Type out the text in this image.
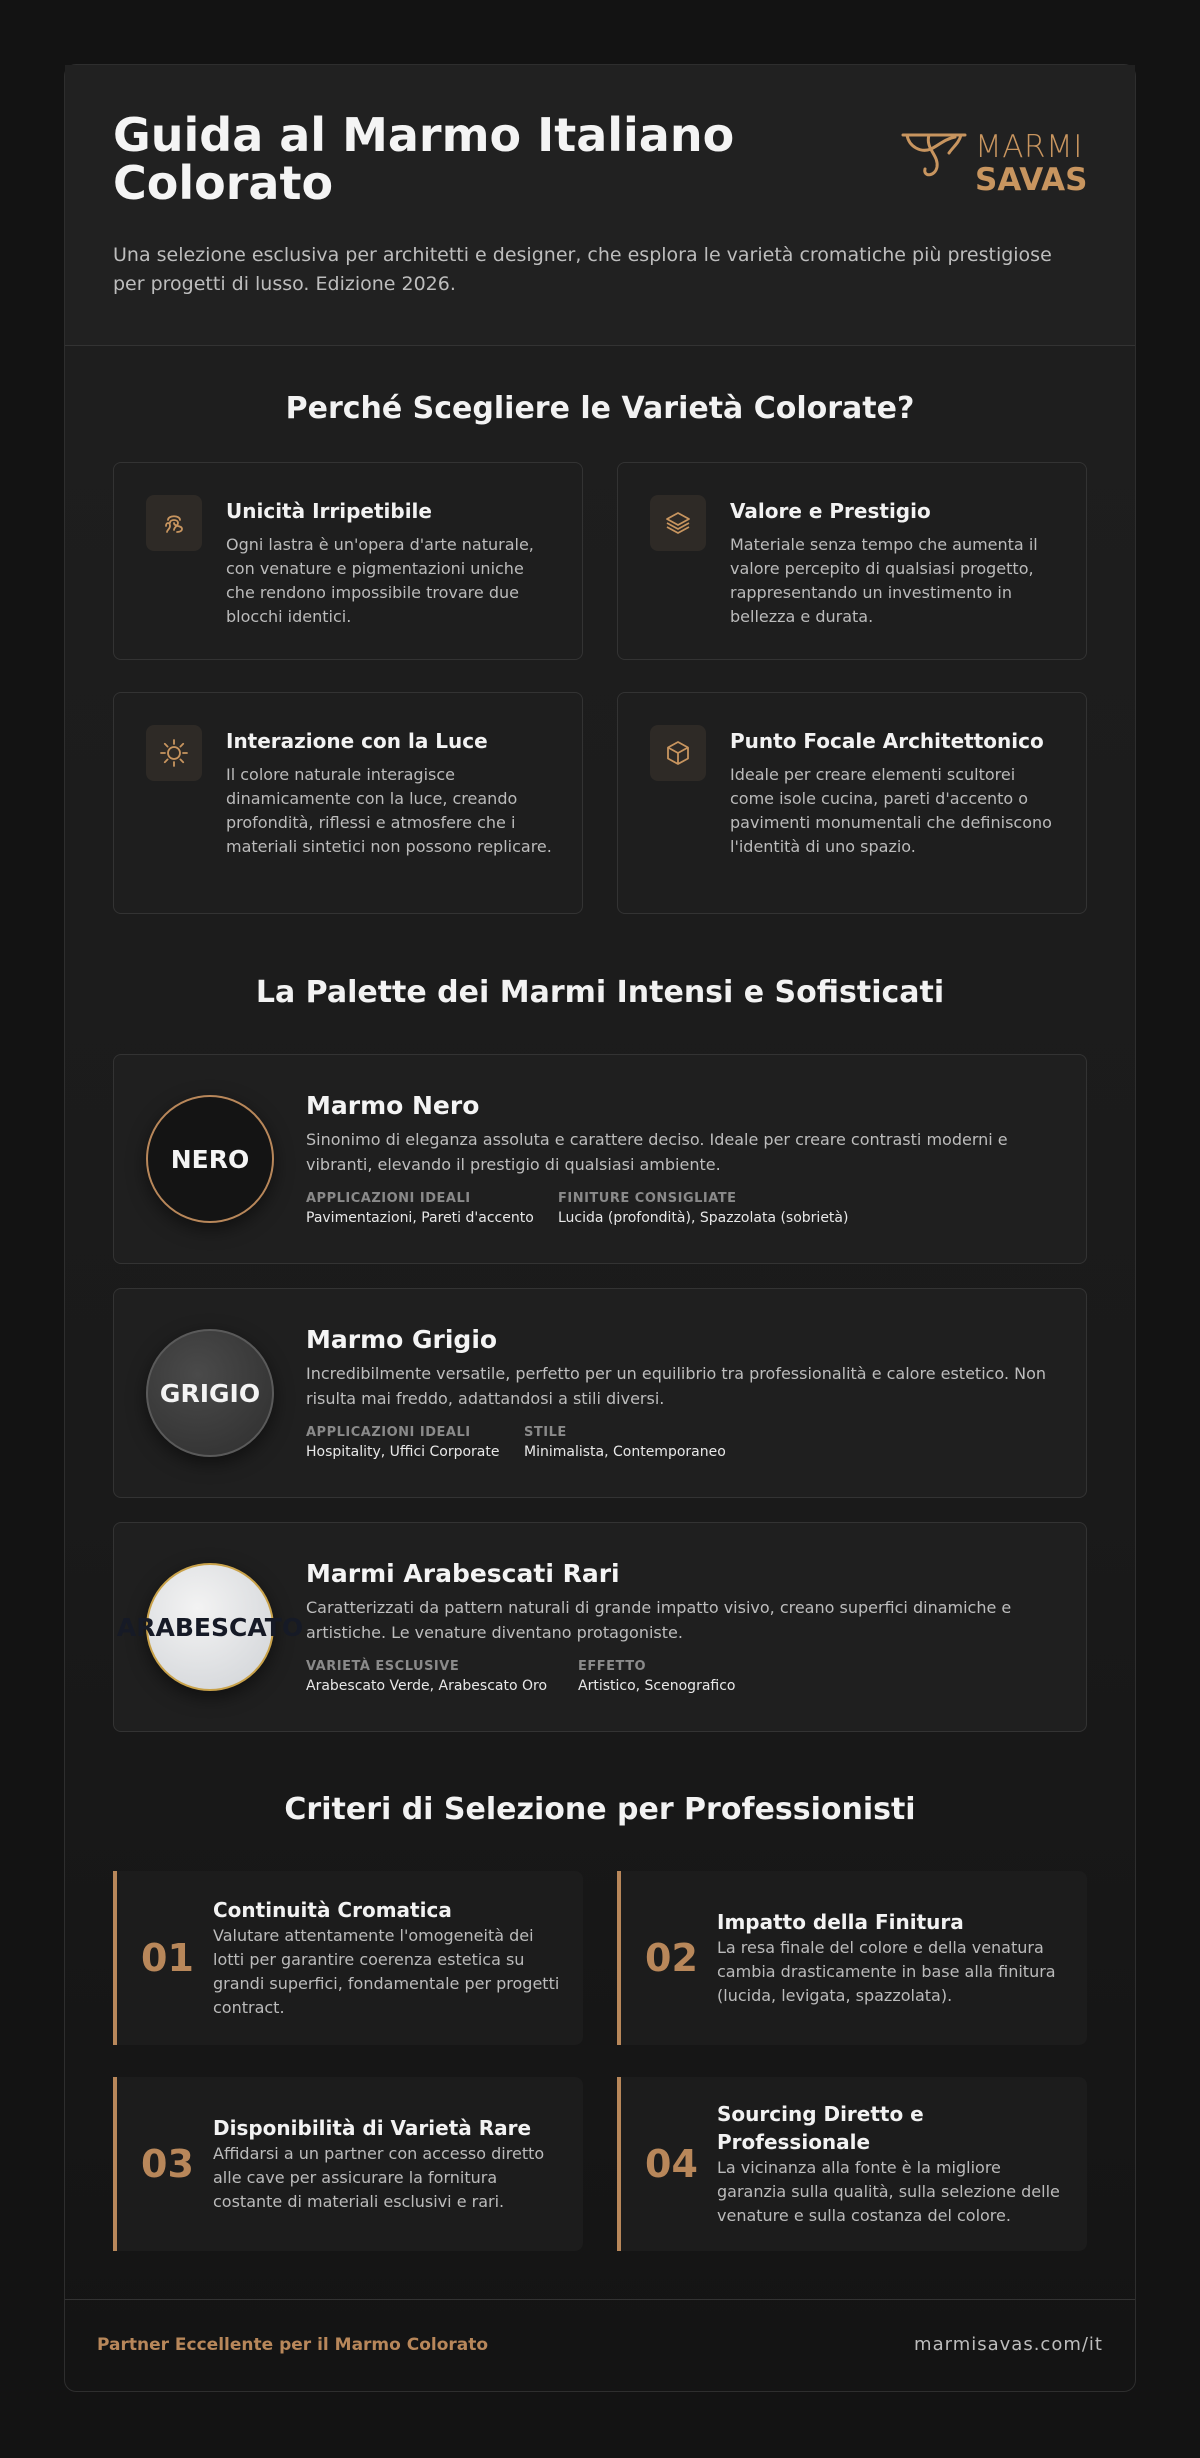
Guida al Marmo Italiano Colorato

Una selezione esclusiva per architetti e designer, che esplora le varietà cromatiche più prestigiose per progetti di lusso. Edizione 2026.

MARMI
SAVAS
Perché Scegliere le Varietà Colorate?
Unicità Irripetibile

Ogni lastra è un'opera d'arte naturale, con venature e pigmentazioni uniche che rendono impossibile trovare due blocchi identici.

Valore e Prestigio

Materiale senza tempo che aumenta il valore percepito di qualsiasi progetto, rappresentando un investimento in bellezza e durata.

Interazione con la Luce

Il colore naturale interagisce dinamicamente con la luce, creando profondità, riflessi e atmosfere che i materiali sintetici non possono replicare.

Punto Focale Architettonico

Ideale per creare elementi scultorei come isole cucina, pareti d'accento o pavimenti monumentali che definiscono l'identità di uno spazio.

La Palette dei Marmi Intensi e Sofisticati
NERO
Marmo Nero

Sinonimo di eleganza assoluta e carattere deciso. Ideale per creare contrasti moderni e vibranti, elevando il prestigio di qualsiasi ambiente.

APPLICAZIONI IDEALI
Pavimentazioni, Pareti d'accento
FINITURE CONSIGLIATE
Lucida (profondità), Spazzolata (sobrietà)
GRIGIO
Marmo Grigio

Incredibilmente versatile, perfetto per un equilibrio tra professionalità e calore estetico. Non risulta mai freddo, adattandosi a stili diversi.

APPLICAZIONI IDEALI
Hospitality, Uffici Corporate
STILE
Minimalista, Contemporaneo
ARABESCATO
Marmi Arabescati Rari

Caratterizzati da pattern naturali di grande impatto visivo, creano superfici dinamiche e artistiche. Le venature diventano protagoniste.

VARIETÀ ESCLUSIVE
Arabescato Verde, Arabescato Oro
EFFETTO
Artistico, Scenografico
Criteri di Selezione per Professionisti
01
Continuità Cromatica

Valutare attentamente l'omogeneità dei lotti per garantire coerenza estetica su grandi superfici, fondamentale per progetti contract.

02
Impatto della Finitura

La resa finale del colore e della venatura cambia drasticamente in base alla finitura (lucida, levigata, spazzolata).

03
Disponibilità di Varietà Rare

Affidarsi a un partner con accesso diretto alle cave per assicurare la fornitura costante di materiali esclusivi e rari.

04
Sourcing Diretto e Professionale

La vicinanza alla fonte è la migliore garanzia sulla qualità, sulla selezione delle venature e sulla costanza del colore.

Partner Eccellente per il Marmo Colorato	marmisavas.com/it
